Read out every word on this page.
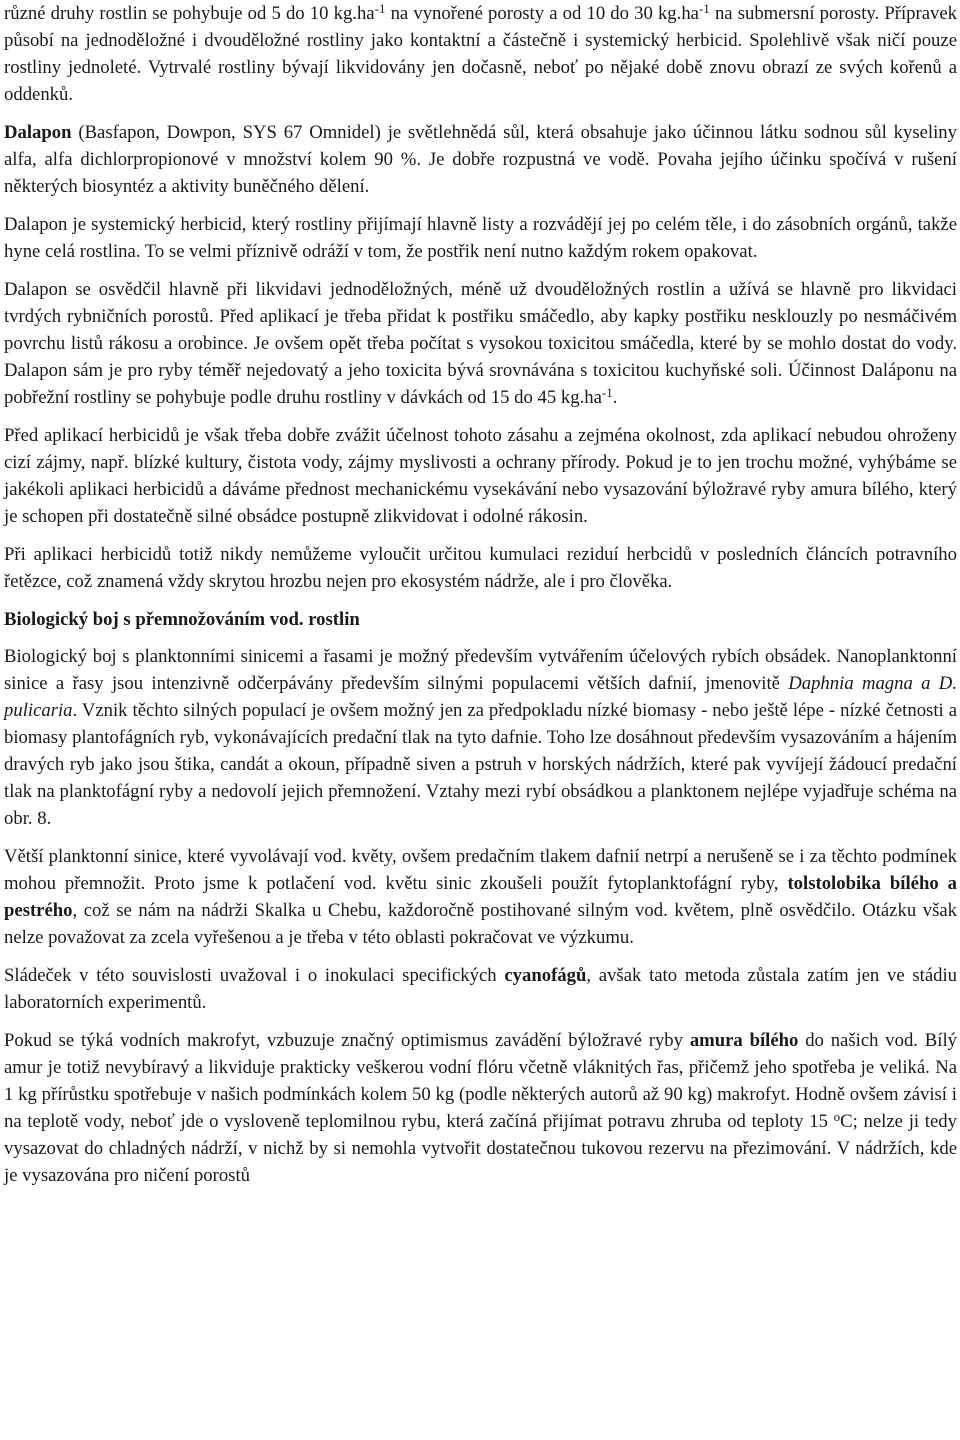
různé druhy rostlin se pohybuje od 5 do 10 $kg.ha^{-1}$ na vynořené porosty a od 10 do 30 $kg.ha^{-1}$ na submersní porosty. Přípravek působí na jednoděložné i dvouděložné rostliny jako kontaktní a částečně i systemický herbicid. Spolehlivě však ničí pouze rostliny jednoleté. Vytrvalé rostliny bývají likvidovány jen dočasně, neboť po nějaké době znovu obrazí ze svých kořenů a oddenků.

Dalapon (Basfapon, Dowpon, SYS 67 Omnidel) je světlehnědá sůl, která obsahuje jako účinnou látku sodnou sůl kyseliny alfa, alfa dichlorpropionové v množství kolem 90 %. Je dobře rozpustná ve vodě. Povaha jejího účinku spočívá v rušení některých biosyntéz a aktivity buněčného dělení.

Dalapon je systemický herbicid, který rostliny přijímají hlavně listy a rozvádějí jej po celém těle, i do zásobních orgánů, takže hyne celá rostlina. To se velmi příznivě odráží v tom, že postřik není nutno každým rokem opakovat.

Dalapon se osvědčil hlavně při likvidavi jednoděložných, méně už dvouděložných rostlin a užívá se hlavně pro likvidaci tvrdých rybničních porostů. Před aplikací je třeba přidat k postřiku smáčedlo, aby kapky postřiku nesklouzly po nesmáčivém povrchu listů rákosu a orobince. Je ovšem opět třeba počítat s vysokou toxicitou smáčedla, které by se mohlo dostat do vody. Dalapon sám je pro ryby téměř nejedovatý a jeho toxicita bývá srovnávána s toxicitou kuchyňské soli. Účinnost Daláponu na pobřežní rostliny se pohybuje podle druhu rostliny v dávkách od 15 do 45 $kg.ha^{-1}$.

Před aplikací herbicidů je však třeba dobře zvážit účelnost tohoto zásahu a zejména okolnost, zda aplikací nebudou ohroženy cizí zájmy, např. blízké kultury, čistota vody, zájmy myslivosti a ochrany přírody. Pokud je to jen trochu možné, vyhýbáme se jakékoli aplikaci herbicidů a dáváme přednost mechanickému vysekávání nebo vysazování býložravé ryby amura bílého, který je schopen při dostatečně silné obsádce postupně zlikvidovat i odolné rákosin.

Při aplikaci herbicidů totiž nikdy nemůžeme vyloučit určitou kumulaci reziduí herbcidů v posledních článcích potravního řetězce, což znamená vždy skrytou hrozbu nejen pro ekosystém nádrže, ale i pro člověka.

Biologický boj s přemnožováním vod. rostlin

Biologický boj s planktonními sinicemi a řasami je možný především vytvářením účelových rybích obsádek. Nanoplanktonní sinice a řasy jsou intenzivně odčerpávány především silnými populacemi větších dafnií, jmenovitě Daphnia magna a D. pulicaria. Vznik těchto silných populací je ovšem možný jen za předpokladu nízké biomasy - nebo ještě lépe - nízké četnosti a biomasy plantofágních ryb, vykonávajících predační tlak na tyto dafnie. Toho lze dosáhnout především vysazováním a hájením dravých ryb jako jsou štika, candát a okoun, případně siven a pstruh v horských nádržích, které pak vyvíjejí žádoucí predační tlak na planktofágní ryby a nedovolí jejich přemnožení. Vztahy mezi rybí obsádkou a planktonem nejlépe vyjadřuje schéma na obr. 8.

Větší planktonní sinice, které vyvolávají vod. květy, ovšem predačním tlakem dafnií netrpí a nerušeně se i za těchto podmínek mohou přemnožit. Proto jsme k potlačení vod. květu sinic zkoušeli použít fytoplanktofágní ryby, tolstolobika bílého a pestrého, což se nám na nádrži Skalka u Chebu, každoročně postihované silným vod. květem, plně osvědčilo. Otázku však nelze považovat za zcela vyřešenou a je třeba v této oblasti pokračovat ve výzkumu.

Sládeček v této souvislosti uvažoval i o inokulaci specifických cyanofágů, avšak tato metoda zůstala zatím jen ve stádiu laboratorních experimentů.

Pokud se týká vodních makrofyt, vzbuzuje značný optimismus zavádění býložravé ryby amura bílého do našich vod. Bílý amur je totiž nevybíravý a likviduje prakticky veškerou vodní flóru včetně vláknitých řas, přičemž jeho spotřeba je veliká. Na 1 kg přírůstku spotřebuje v našich podmínkách kolem 50 kg (podle některých autorů až 90 kg) makrofyt. Hodně ovšem závisí i na teplotě vody, neboť jde o vysloveně teplomilnou rybu, která začíná přijímat potravu zhruba od teploty 15 $^o$C; nelze ji tedy vysazovat do chladných nádrží, v nichž by si nemohla vytvořit dostatečnou tukovou rezervu na přezimování. V nádržích, kde je vysazována pro ničení porostů
